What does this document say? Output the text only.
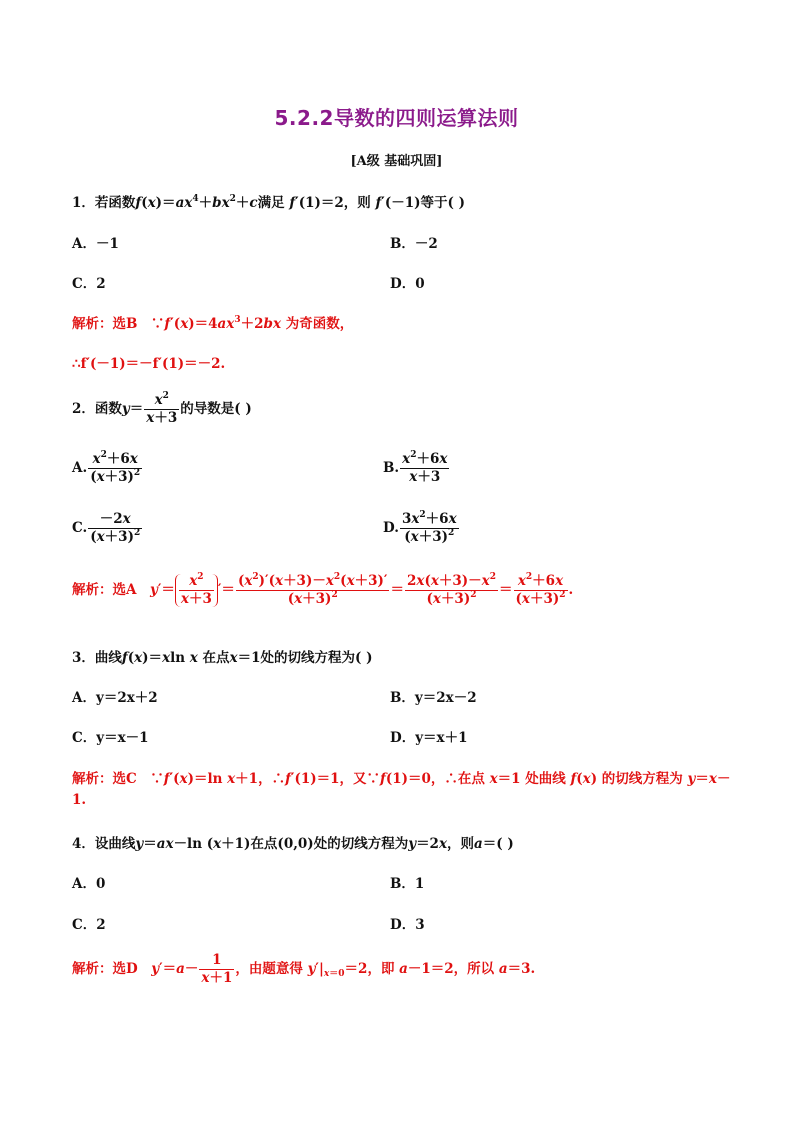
5.2.2导数的四则运算法则
[A级 基础巩固]
1．若函数$f(x)=ax^4+bx^2+c$满足 f′(1)＝2，则 f′(－1)等于( )
A．－1	B．－2
C．2	D．0
解析：选B　$\because f'(x)=4ax^3+2bx$ 为奇函数，
∴f′(－1)＝－f′(1)＝－2.
2．函数$y= \frac{x^2}{x+3}$ 的导数是( )
A. $\frac{x^2+6x}{(x+3)^2}$	B. $\frac{x^2+6x}{x+3}$
C. $\frac{-2x}{(x+3)^2}$	D. $\frac{3x^2+6x}{(x+3)^2}$
解析：选A　 $y'= \frac{x^2}{x+3}$ ′＝ $\frac{(x^2)'(x+3)-x^2(x+3)'}{(x+3)^2} = \frac{2x(x+3)-x^2}{(x+3)^2} = \frac{x^2+6x}{(x+3)^2}$ .
3．曲线f(x)＝xln x 在点x＝1处的切线方程为( )
A．y＝2x＋2	B．y＝2x－2
C．y＝x－1	D．y＝x＋1
解析：选C　∵f′(x)＝ln x＋1，∴f′(1)＝1，又∵f(1)＝0，∴在点 x＝1 处曲线 f(x) 的切线方程为 y＝x－
1.
4．设曲线y＝ax－ln (x＋1)在点(0,0)处的切线方程为y＝2x，则a＝( )
A．0	B．1
C．2	D．3
解析：选D　 $y'=a- \frac{1}{x+1}$ ，由题意得 $y'|_{x=0}=2$，即 a－1＝2，所以 a＝3.
